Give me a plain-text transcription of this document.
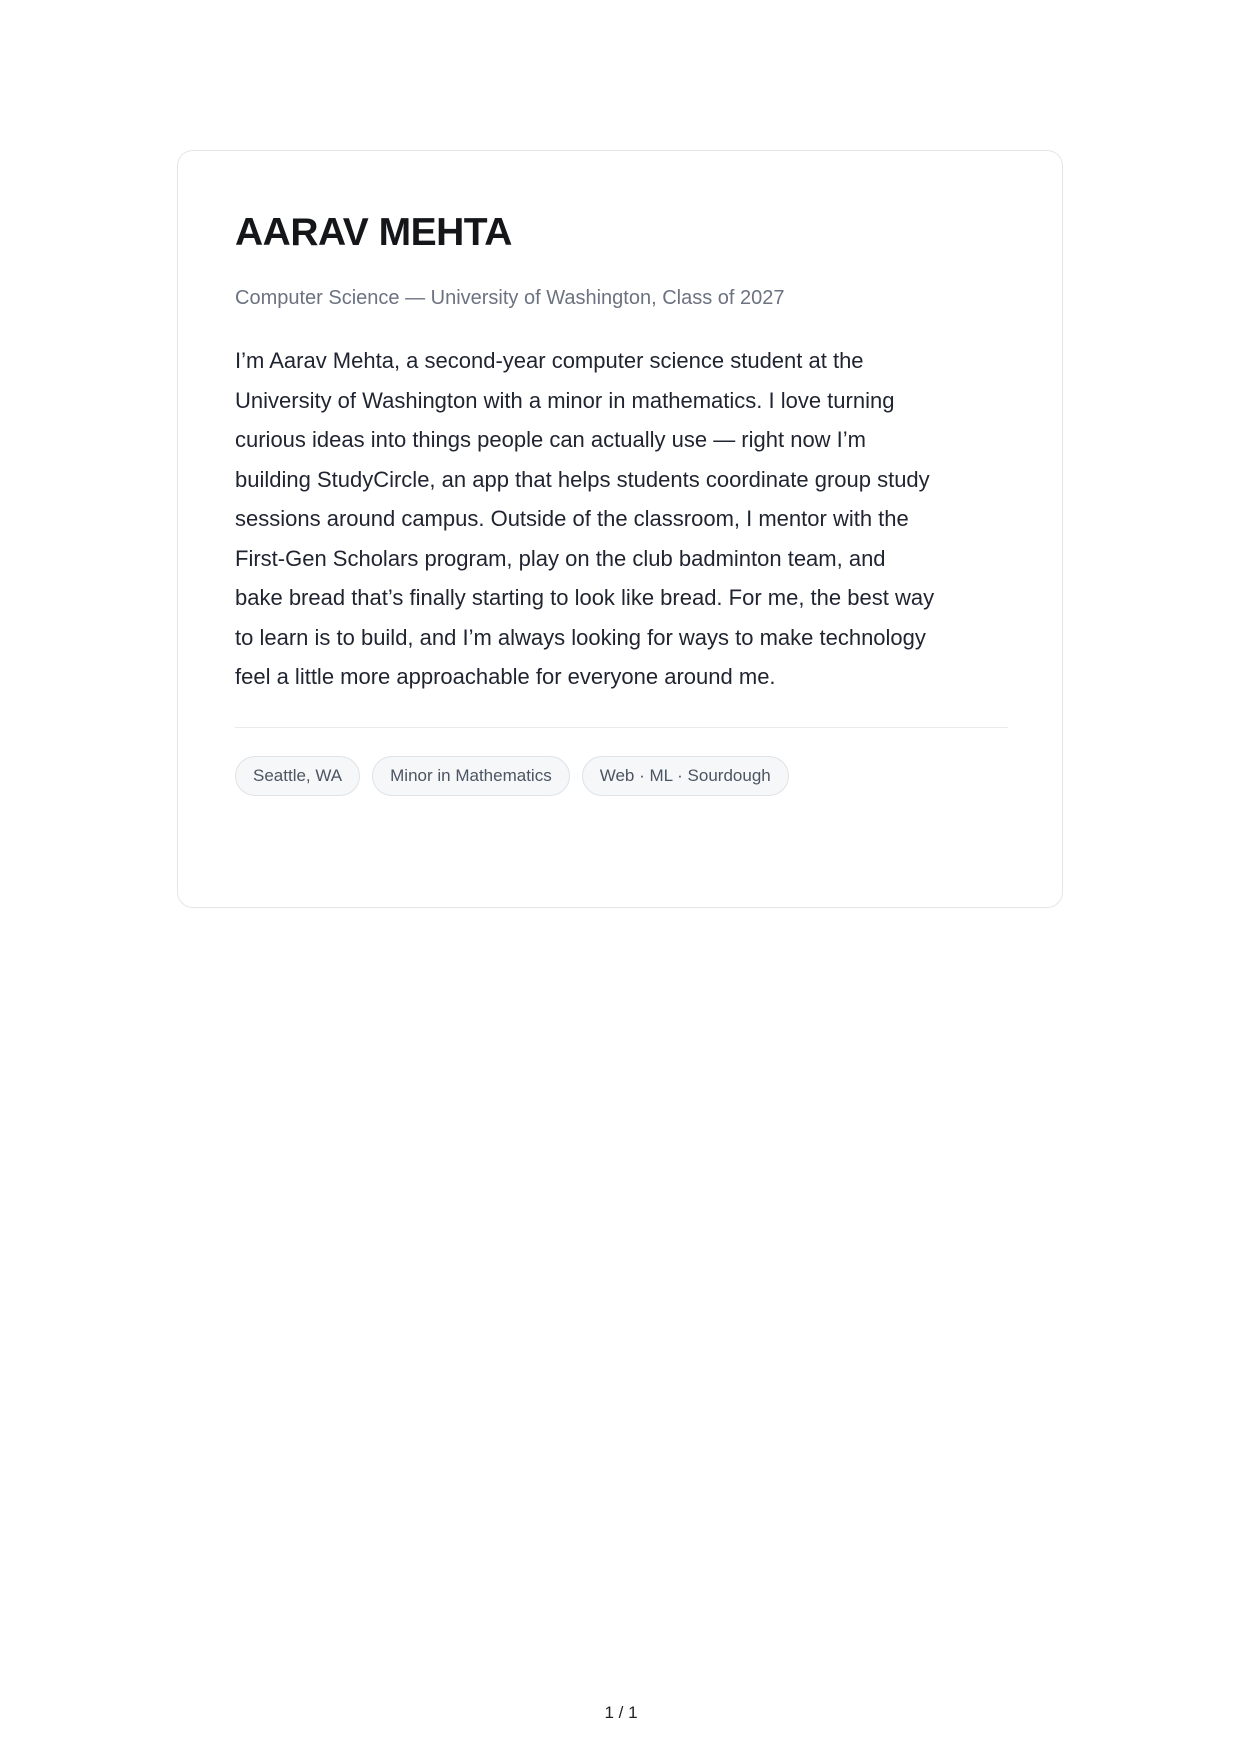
AARAV MEHTA

Computer Science — University of Washington, Class of 2027

I’m Aarav Mehta, a second-year computer science student at the University of Washington with a minor in mathematics. I love turning curious ideas into things people can actually use — right now I’m building StudyCircle, an app that helps students coordinate group study sessions around campus. Outside of the classroom, I mentor with the First-Gen Scholars program, play on the club badminton team, and bake bread that’s finally starting to look like bread. For me, the best way to learn is to build, and I’m always looking for ways to make technology feel a little more approachable for everyone around me.

Seattle, WA	Minor in Mathematics	Web · ML · Sourdough
1 / 1
